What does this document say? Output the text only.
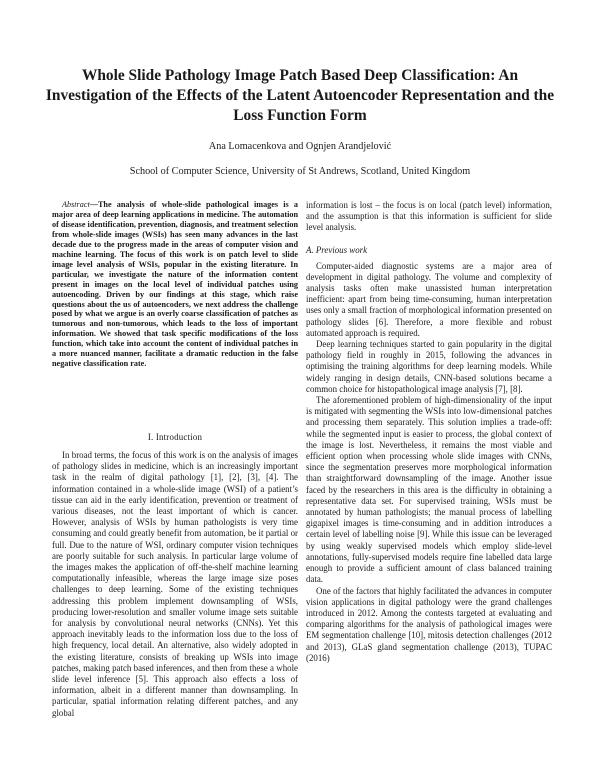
Whole Slide Pathology Image Patch Based Deep Classification: An Investigation of the Effects of the Latent Autoencoder Representation and the Loss Function Form
Ana Lomacenkova and Ognjen Arandjelović
School of Computer Science, University of St Andrews, Scotland, United Kingdom

Abstract—The analysis of whole-slide pathological images is a major area of deep learning applications in medicine. The automation of disease identification, prevention, diagnosis, and treatment selection from whole-slide images (WSIs) has seen many advances in the last decade due to the progress made in the areas of computer vision and machine learning. The focus of this work is on patch level to slide image level analysis of WSIs, popular in the existing literature. In particular, we investigate the nature of the information content present in images on the local level of individual patches using autoencoding. Driven by our findings at this stage, which raise questions about the us of autoencoders, we next address the challenge posed by what we argue is an overly coarse classification of patches as tumorous and non-tumorous, which leads to the loss of important information. We showed that task specific modifications of the loss function, which take into account the content of individual patches in a more nuanced manner, facilitate a dramatic reduction in the false negative classification rate.

I. Introduction

In broad terms, the focus of this work is on the analysis of images of pathology slides in medicine, which is an increasingly important task in the realm of digital pathology [1], [2], [3], [4]. The information contained in a whole-slide image (WSI) of a patient’s tissue can aid in the early identification, prevention or treatment of various diseases, not the least important of which is cancer. However, analysis of WSIs by human pathologists is very time consuming and could greatly benefit from automation, be it partial or full. Due to the nature of WSI, ordinary computer vision techniques are poorly suitable for such analysis. In particular large volume of the images makes the application of off-the-shelf machine learning computationally infeasible, whereas the large image size poses challenges to deep learning. Some of the existing techniques addressing this problem implement downsampling of WSIs, producing lower-resolution and smaller volume image sets suitable for analysis by convolutional neural networks (CNNs). Yet this approach inevitably leads to the information loss due to the loss of high frequency, local detail. An alternative, also widely adopted in the existing literature, consists of breaking up WSIs into image patches, making patch based inferences, and then from these a whole slide level inference [5]. This approach also effects a loss of information, albeit in a different manner than downsampling. In particular, spatial information relating different patches, and any global

information is lost – the focus is on local (patch level) information, and the assumption is that this information is sufficient for slide level analysis.

A. Previous work

Computer-aided diagnostic systems are a major area of development in digital pathology. The volume and complexity of analysis tasks often make unassisted human interpretation inefficient: apart from being time-consuming, human interpretation uses only a small fraction of morphological information presented on pathology slides [6]. Therefore, a more flexible and robust automated approach is required.

Deep learning techniques started to gain popularity in the digital pathology field in roughly in 2015, following the advances in optimising the training algorithms for deep learning models. While widely ranging in design details, CNN-based solutions became a common choice for histopathological image analysis [7], [8].

The aforementioned problem of high-dimensionality of the input is mitigated with segmenting the WSIs into low-dimensional patches and processing them separately. This solution implies a trade-off: while the segmented input is easier to process, the global context of the image is lost. Nevertheless, it remains the most viable and efficient option when processing whole slide images with CNNs, since the segmentation preserves more morphological information than straightforward downsampling of the image. Another issue faced by the researchers in this area is the difficulty in obtaining a representative data set. For supervised training, WSIs must be annotated by human pathologists; the manual process of labelling gigapixel images is time-consuming and in addition introduces a certain level of labelling noise [9]. While this issue can be leveraged by using weakly supervised models which employ slide-level annotations, fully-supervised models require fine labelled data large enough to provide a sufficient amount of class balanced training data.

One of the factors that highly facilitated the advances in computer vision applications in digital pathology were the grand challenges introduced in 2012. Among the contests targeted at evaluating and comparing algorithms for the analysis of pathological images were EM segmentation challenge [10], mitosis detection challenges (2012 and 2013), GLaS gland segmentation challenge (2013), TUPAC (2016)
